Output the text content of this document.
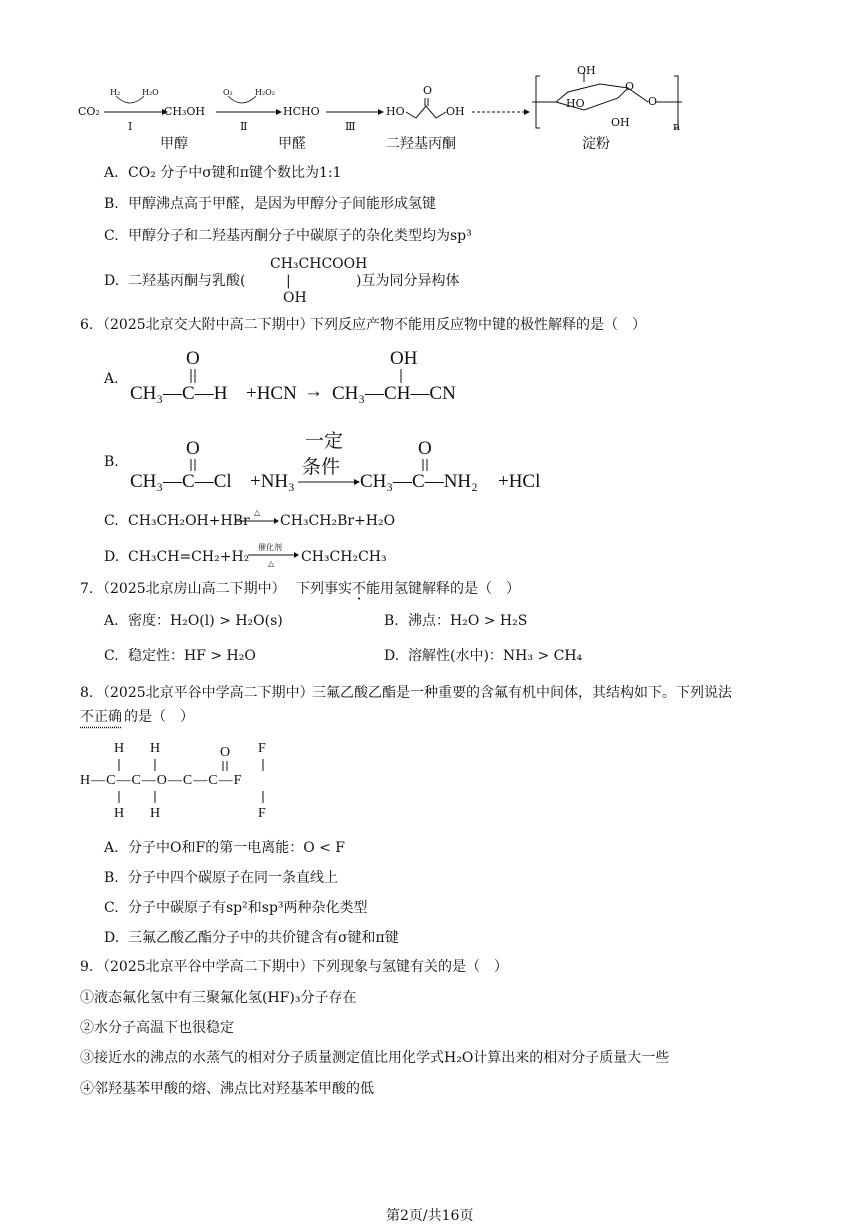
CO₂
H₂	H₂O
Ⅰ
CH₃OH
O₂	H₂O₂
Ⅱ
HCHO
Ⅲ
HO
O
OH
OH
HO
OH
O
O
n
甲醇	甲醛	二羟基丙酮	淀粉
A. CO₂ 分子中σ键和π键个数比为1:1
B. 甲醇沸点高于甲醛，是因为甲醇分子间能形成氢键
C. 甲醇分子和二羟基丙酮分子中碳原子的杂化类型均为sp³
D. 二羟基丙酮与乳酸(
CH₃CHCOOH
|
OH
)互为同分异构体
6. （2025北京交大附中高二下期中）
下列反应产物不能用反应物中键的极性解释的是（　）
A.
O
CH₃—C—H +HCN →
OH
CH₃—CH—CN
B.
O
CH₃—C—Cl +NH₃
一定
条件
O
CH₃—C—NH₂ +HCl
C. CH₃CH₂OH+HBr
△
CH₃CH₂Br+H₂O
D. CH₃CH=CH₂+H₂
催化剂
△ CH₃CH₂CH₃
7. （2025北京房山高二下期中） 下列事实 不 · 能用氢键解释的是（　）
A. 密度：H₂O(l) > H₂O(s)	B. 沸点：H₂O > H₂S
C. 稳定性：HF > H₂O	D. 溶解性(水中)：NH₃ > CH₄
8. （2025北京平谷中学高二下期中）
三氟乙酸乙酯是一种重要的含氟有机中间体，其结构如下。下列说法
不正确 的是（　）
H H	O F
H—C—C—O—C—C—F
H H	F
A. 分子中O和F的第一电离能：O < F
B. 分子中四个碳原子在同一条直线上
C. 分子中碳原子有sp²和sp³两种杂化类型
D. 三氟乙酸乙酯分子中的共价键含有σ键和π键
9. （2025北京平谷中学高二下期中）
下列现象与氢键有关的是（　）
①液态氟化氢中有三聚氟化氢(HF)₃分子存在
②水分子高温下也很稳定
③接近水的沸点的水蒸气的相对分子质量测定值比用化学式H₂O计算出来的相对分子质量大一些
④邻羟基苯甲酸的熔、沸点比对羟基苯甲酸的低
第2页/共16页
